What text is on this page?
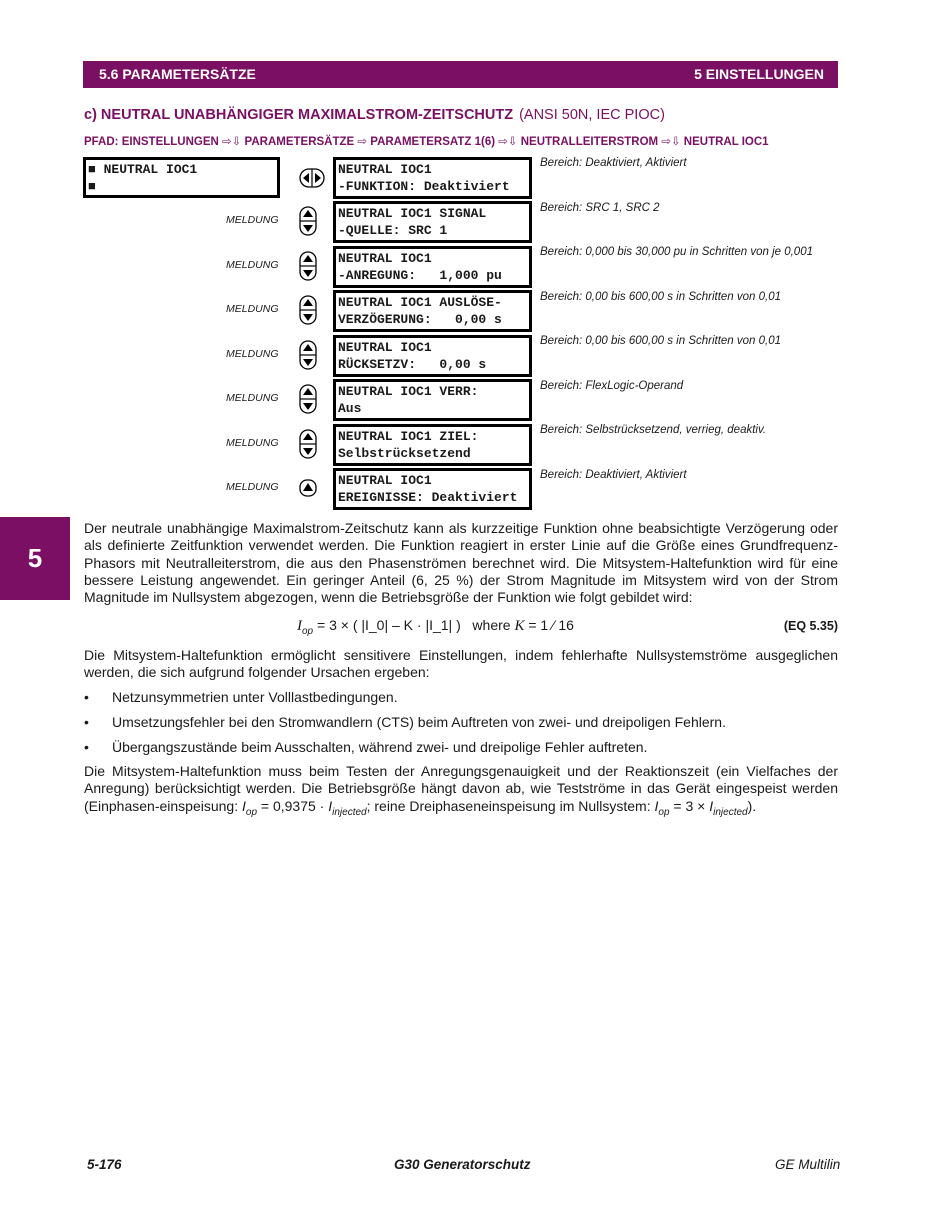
5.6 PARAMETERSÄTZE	5 EINSTELLUNGEN
c) NEUTRAL UNABHÄNGIGER MAXIMALSTROM-ZEITSCHUTZ (ANSI 50N, IEC PIOC)
PFAD: EINSTELLUNGEN ⇨⇩ PARAMETERSÄTZE ⇨ PARAMETERSATZ 1(6) ⇨⇩ NEUTRALLEITERSTROM ⇨⇩ NEUTRAL IOC1
■ NEUTRAL IOC1
■
NEUTRAL IOC1
-FUNKTION: Deaktiviert
Bereich: Deaktiviert, Aktiviert
MELDUNG	NEUTRAL IOC1 SIGNAL
-QUELLE: SRC 1
Bereich: SRC 1, SRC 2
MELDUNG	NEUTRAL IOC1
-ANREGUNG:   1,000 pu
Bereich: 0,000 bis 30,000 pu in Schritten von je 0,001
MELDUNG	NEUTRAL IOC1 AUSLÖSE-
VERZÖGERUNG:   0,00 s
Bereich: 0,00 bis 600,00 s in Schritten von 0,01
MELDUNG	NEUTRAL IOC1
RÜCKSETZV:   0,00 s
Bereich: 0,00 bis 600,00 s in Schritten von 0,01
MELDUNG	NEUTRAL IOC1 VERR:
Aus
Bereich: FlexLogic-Operand
MELDUNG	NEUTRAL IOC1 ZIEL:
Selbstrücksetzend
Bereich: Selbstrücksetzend, verrieg, deaktiv.
MELDUNG	NEUTRAL IOC1
EREIGNISSE: Deaktiviert
Bereich: Deaktiviert, Aktiviert
5
Der neutrale unabhängige Maximalstrom-Zeitschutz kann als kurzzeitige Funktion ohne beabsichtigte Verzögerung oder als definierte Zeitfunktion verwendet werden. Die Funktion reagiert in erster Linie auf die Größe eines Grundfrequenz-Phasors mit Neutralleiterstrom, die aus den Phasenströmen berechnet wird. Die Mitsystem-Haltefunktion wird für eine bessere Leistung angewendet. Ein geringer Anteil (6, 25 %) der Strom Magnitude im Mitsystem wird von der Strom Magnitude im Nullsystem abgezogen, wenn die Betriebsgröße der Funktion wie folgt gebildet wird:
$I_{op} = 3$ × ( |I_0| – K · |I_1| ) where K = 1 ⁄ 16	(EQ 5.35)
Die Mitsystem-Haltefunktion ermöglicht sensitivere Einstellungen, indem fehlerhafte Nullsystemströme ausgeglichen werden, die sich aufgrund folgender Ursachen ergeben:
• Netzunsymmetrien unter Volllastbedingungen.
• Umsetzungsfehler bei den Stromwandlern (CTS) beim Auftreten von zwei- und dreipoligen Fehlern.
• Übergangszustände beim Ausschalten, während zwei- und dreipolige Fehler auftreten.
Die Mitsystem-Haltefunktion muss beim Testen der Anregungsgenauigkeit und der Reaktionszeit (ein Vielfaches der Anregung) berücksichtigt werden. Die Betriebsgröße hängt davon ab, wie Testströme in das Gerät eingespeist werden (Einphasen-einspeisung: $I_{op} = 0,9375 \cdot I_{injected}$; reine Dreiphaseneinspeisung im Nullsystem: $I_{op} = 3 \times I_{injected}$).
5-176	G30 Generatorschutz	GE Multilin
